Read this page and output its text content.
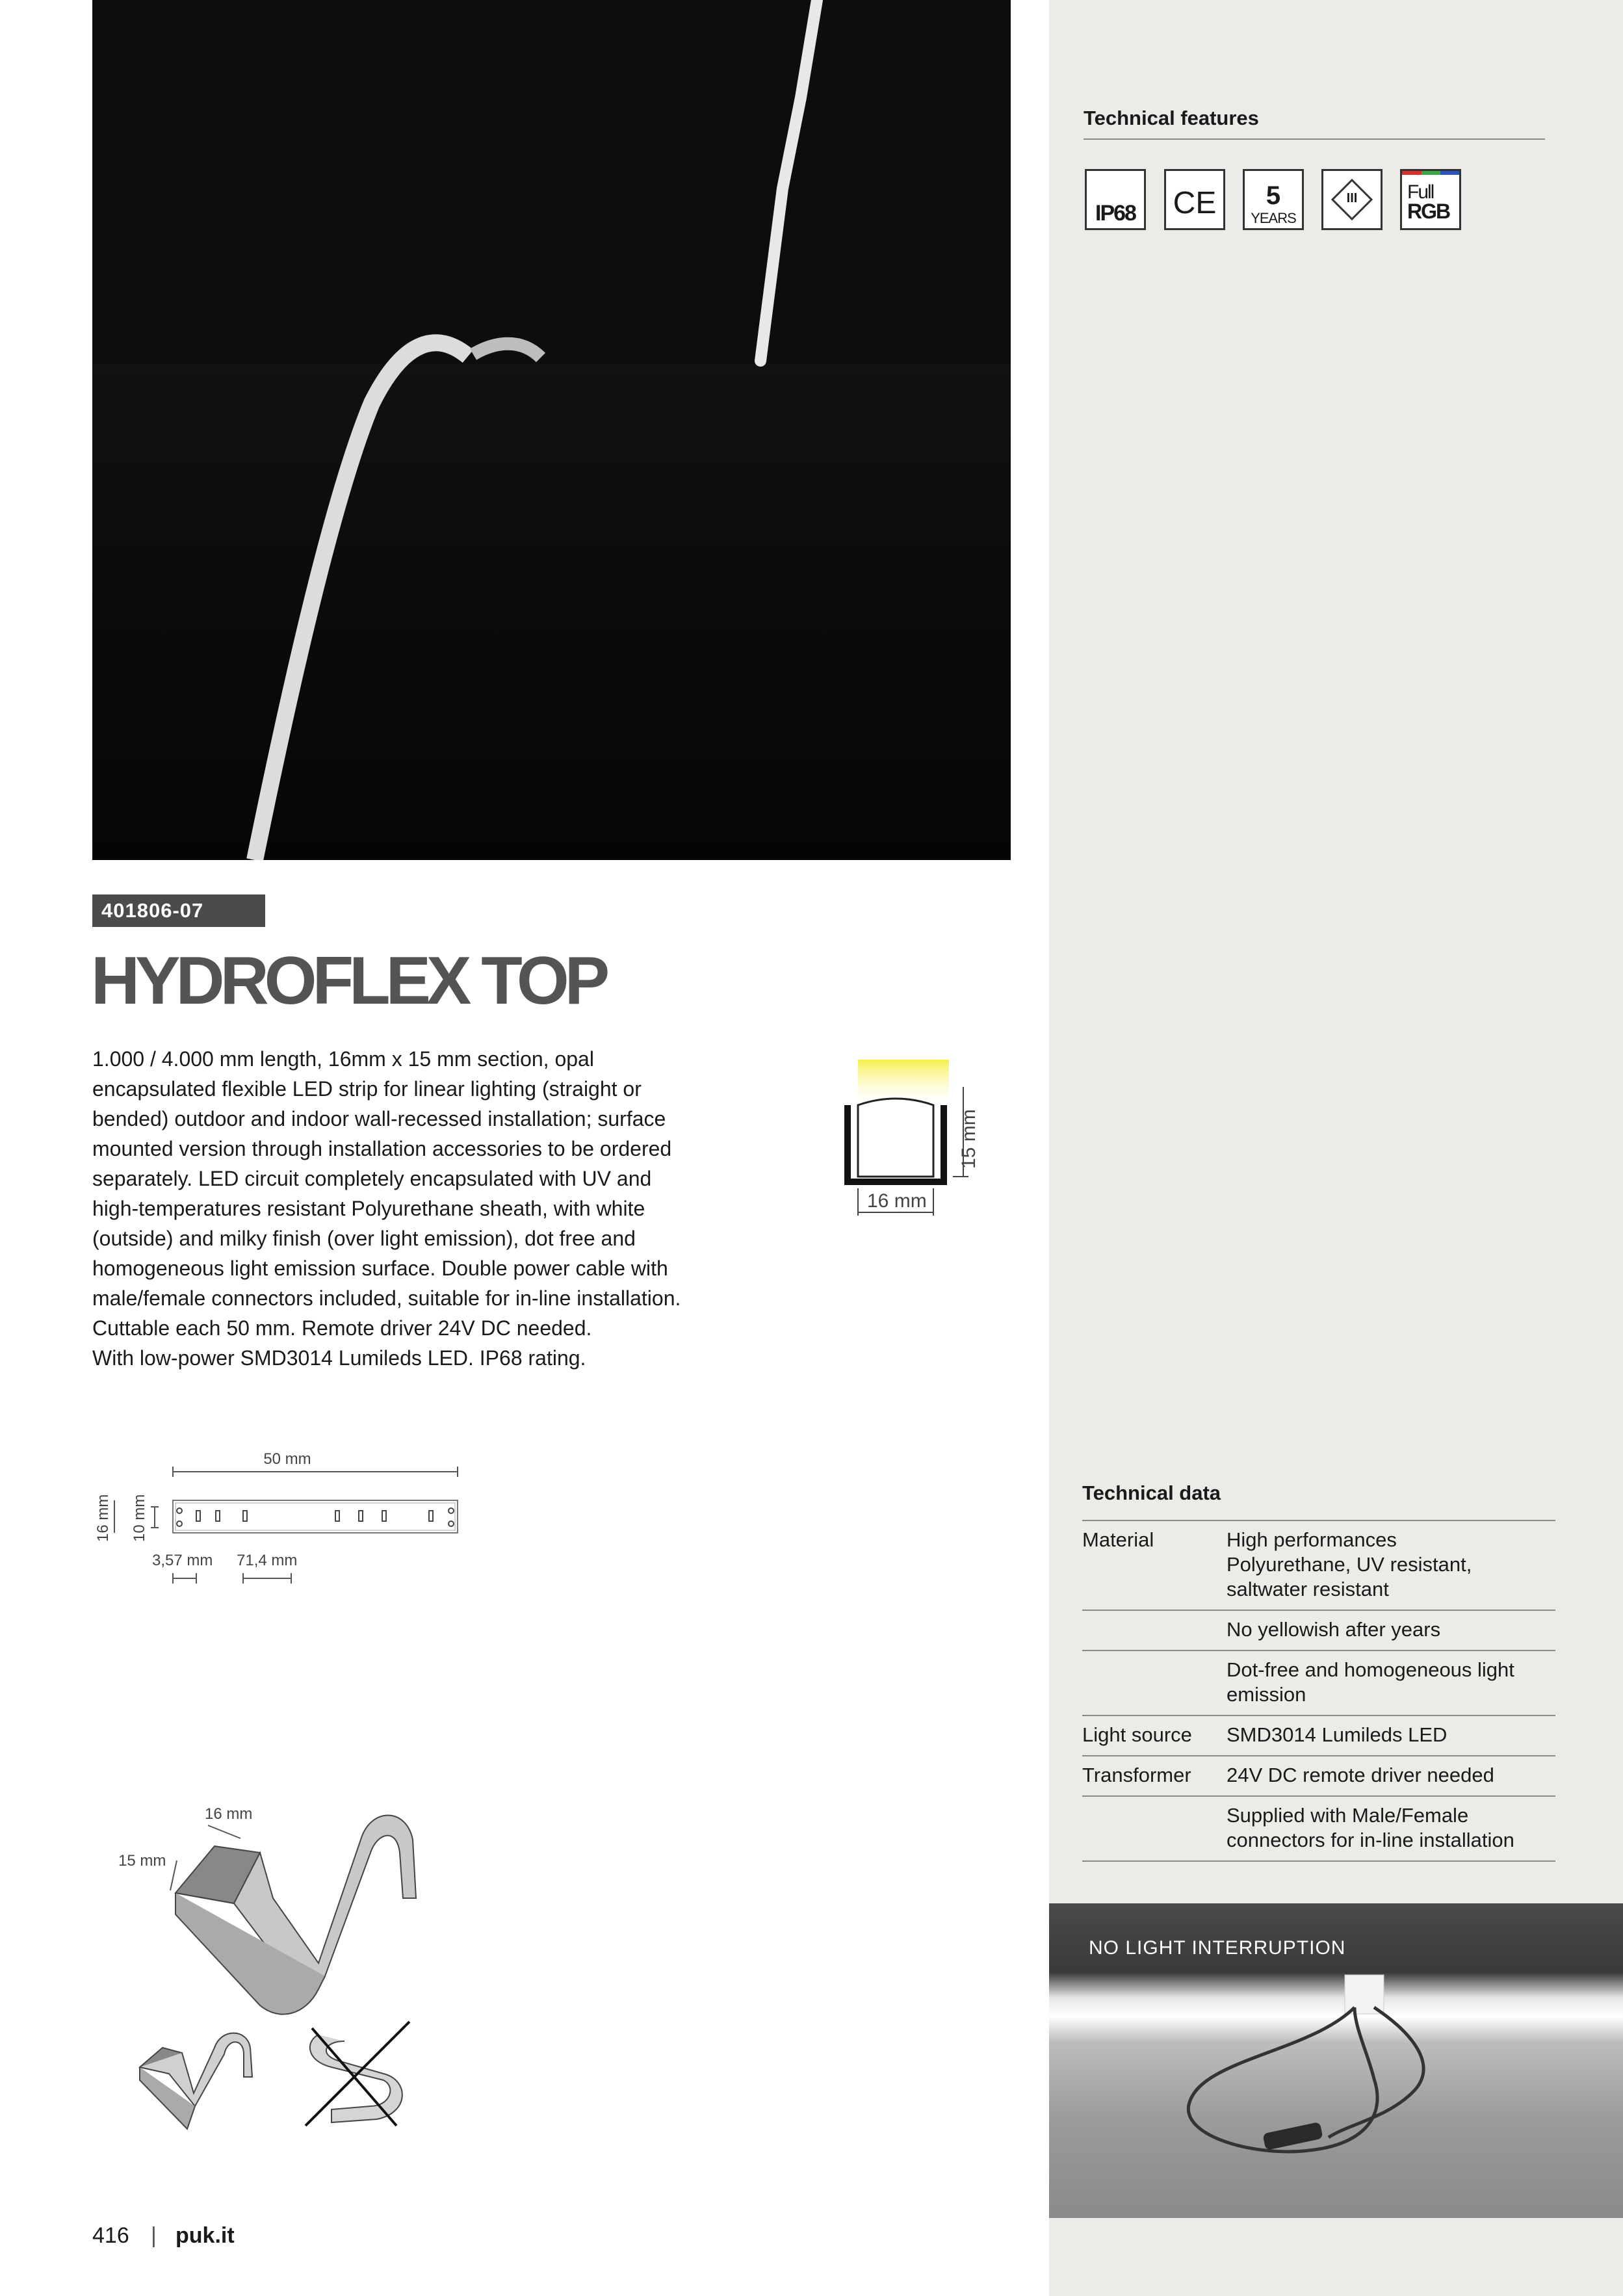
Technical features
IP68 CE	5
YEARS
III	Full
RGB
401806-07
HYDROFLEX TOP

1.000 / 4.000 mm length, 16mm x 15 mm section, opal

encapsulated flexible LED strip for linear lighting (straight or

bended) outdoor and indoor wall-recessed installation; surface

mounted version through installation accessories to be ordered

separately. LED circuit completely encapsulated with UV and

high-temperatures resistant Polyurethane sheath, with white

(outside) and milky finish (over light emission), dot free and

homogeneous light emission surface. Double power cable with

male/female connectors included, suitable for in-line installation.

Cuttable each 50 mm. Remote driver 24V DC needed.

With low-power SMD3014 Lumileds LED. IP68 rating.

15 mm
16 mm
50 mm
16 mm 10 mm
3,57 mm 71,4 mm
16 mm
15 mm
Technical data
Material	High performances
Polyurethane, UV resistant,
saltwater resistant

	No yellowish after years

	Dot-free and homogeneous light
emission

Light source	SMD3014 Lumileds LED

Transformer	24V DC remote driver needed

	Supplied with Male/Female
connectors for in-line installation
NO LIGHT INTERRUPTION
416 | puk.it
